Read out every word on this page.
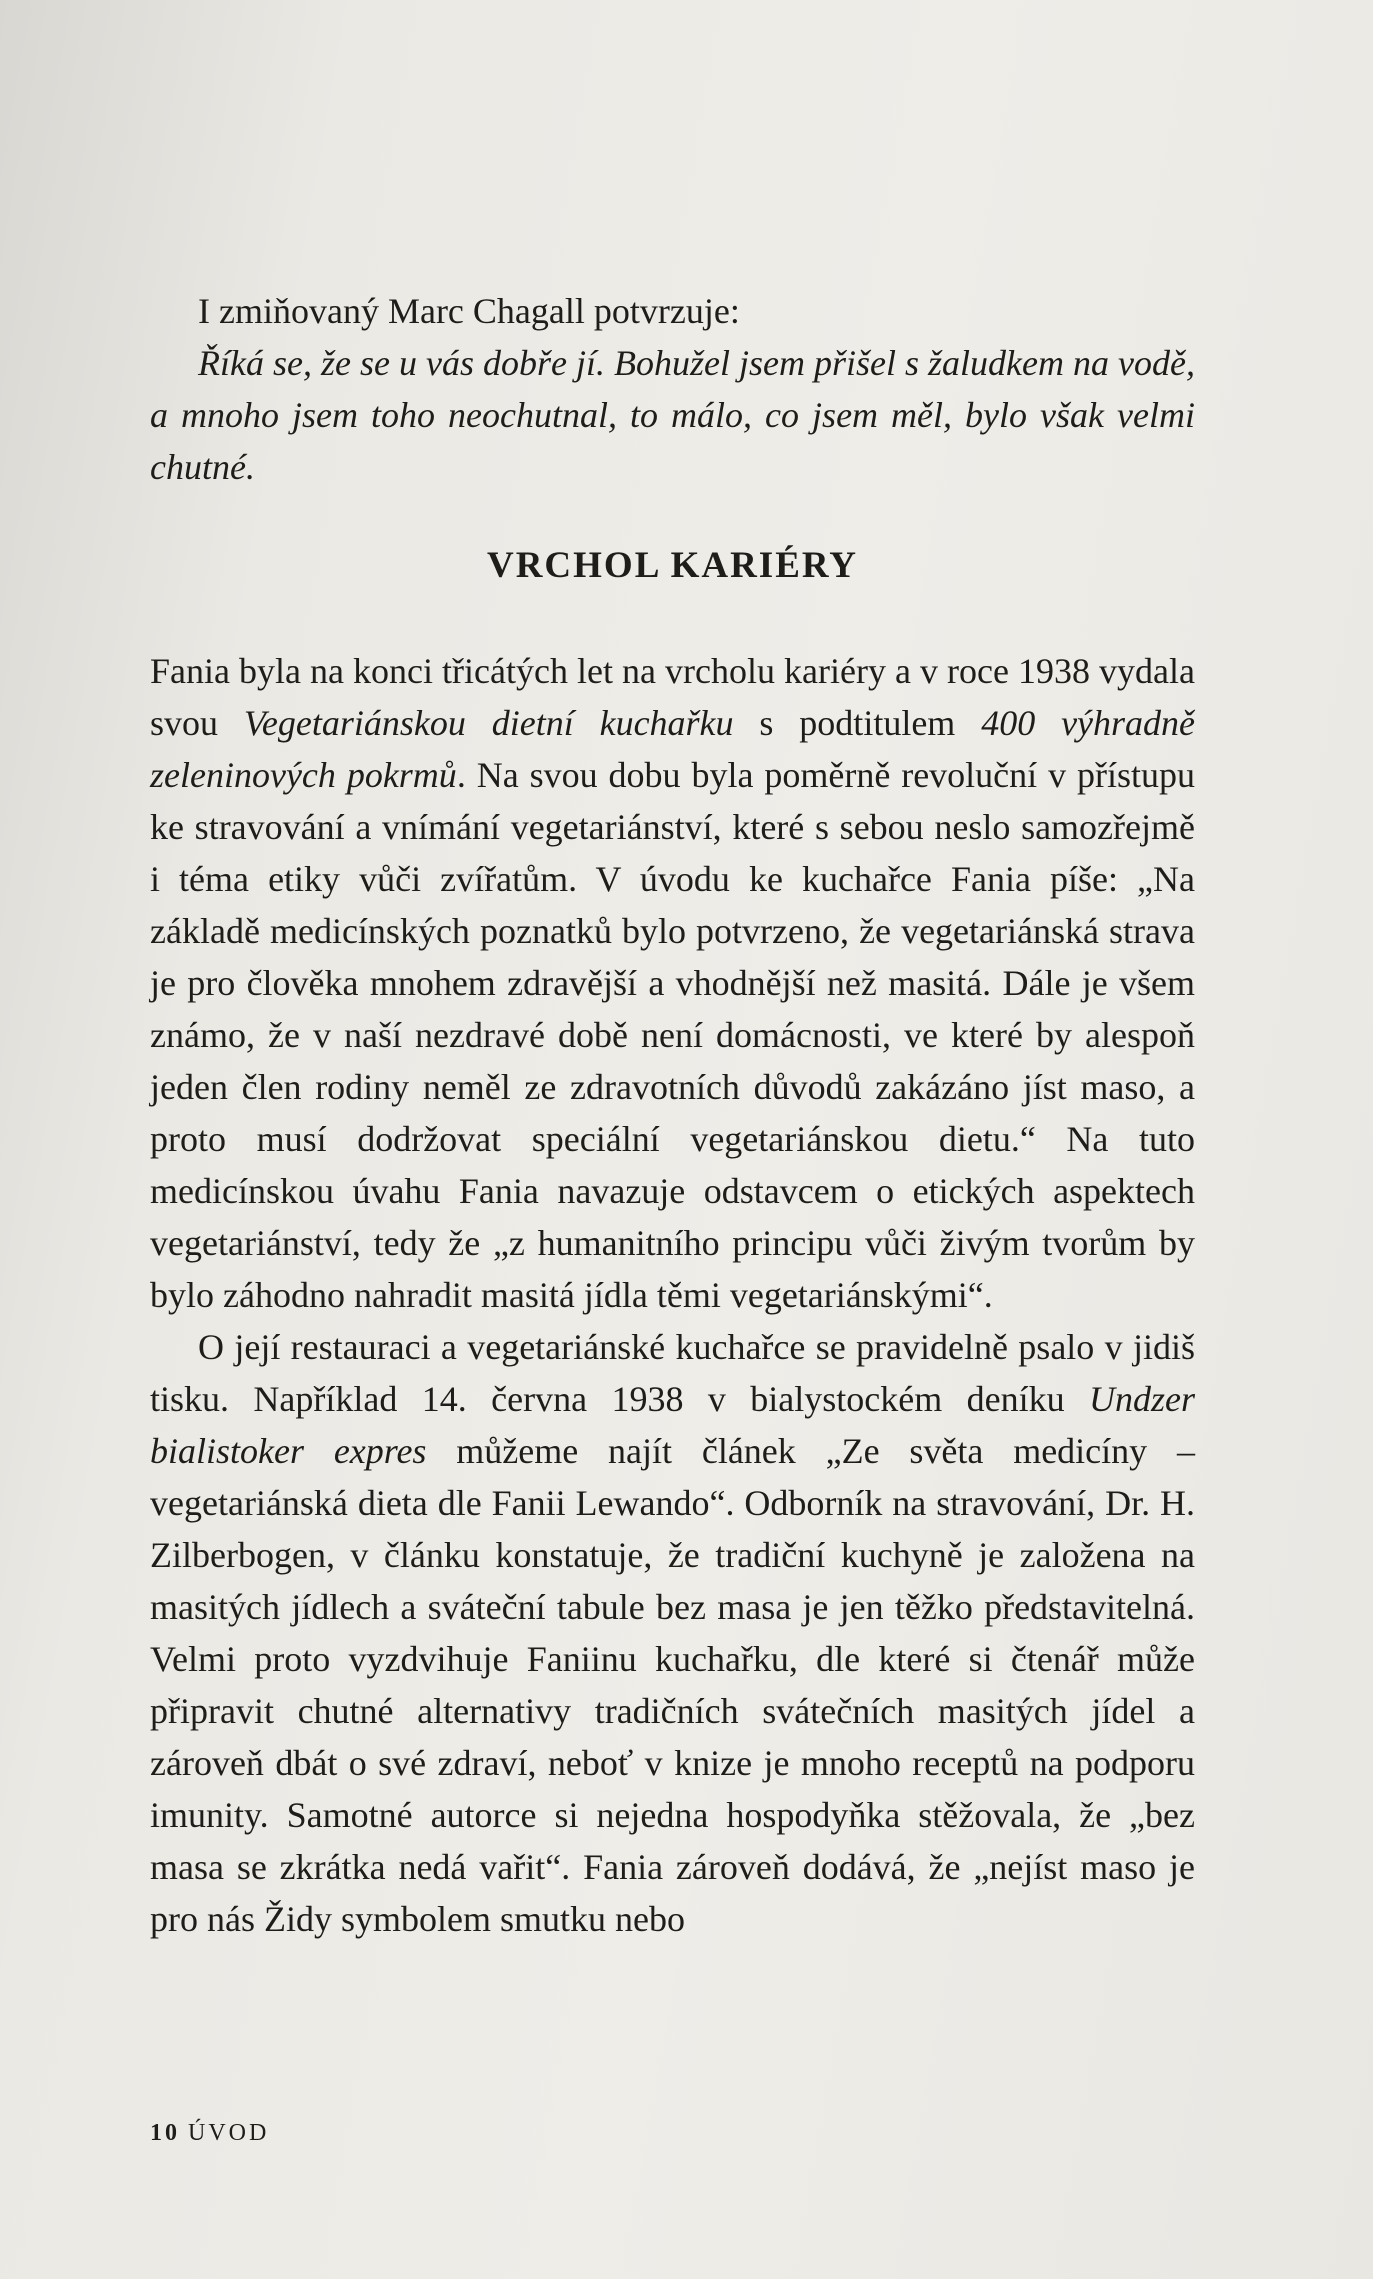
I zmiňovaný Marc Chagall potvrzuje:

Říká se, že se u vás dobře jí. Bohužel jsem přišel s žaludkem na vodě, a mnoho jsem toho neochutnal, to málo, co jsem měl, bylo však velmi chutné.

VRCHOL KARIÉRY

Fania byla na konci třicátých let na vrcholu kariéry a v roce 1938 vydala svou Vegetariánskou dietní kuchařku s podtitulem 400 výhradně zeleninových pokrmů. Na svou dobu byla poměrně revoluční v přístupu ke stravování a vnímání vegetariánství, které s sebou neslo samozřejmě i téma etiky vůči zvířatům. V úvodu ke kuchařce Fania píše: „Na základě medicínských poznatků bylo potvrzeno, že vegetariánská strava je pro člověka mnohem zdravější a vhodnější než masitá. Dále je všem známo, že v naší nezdravé době není domácnosti, ve které by alespoň jeden člen rodiny neměl ze zdravotních důvodů zakázáno jíst maso, a proto musí dodržovat speciální vegetariánskou dietu.“ Na tuto medicínskou úvahu Fania navazuje odstavcem o etických aspektech vegetariánství, tedy že „z humanitního principu vůči živým tvorům by bylo záhodno nahradit masitá jídla těmi vegetariánskými“.

O její restauraci a vegetariánské kuchařce se pravidelně psalo v jidiš tisku. Například 14. června 1938 v bialystockém deníku Undzer bialistoker expres můžeme najít článek „Ze světa medicíny – vegetariánská dieta dle Fanii Lewando“. Odborník na stravování, Dr. H. Zilberbogen, v článku konstatuje, že tradiční kuchyně je založena na masitých jídlech a sváteční tabule bez masa je jen těžko představitelná. Velmi proto vyzdvihuje Faniinu kuchařku, dle které si čtenář může připravit chutné alternativy tradičních svátečních masitých jídel a zároveň dbát o své zdraví, neboť v knize je mnoho receptů na podporu imunity. Samotné autorce si nejedna hospodyňka stěžovala, že „bez masa se zkrátka nedá vařit“. Fania zároveň dodává, že „nejíst maso je pro nás Židy symbolem smutku nebo

10 ÚVOD
